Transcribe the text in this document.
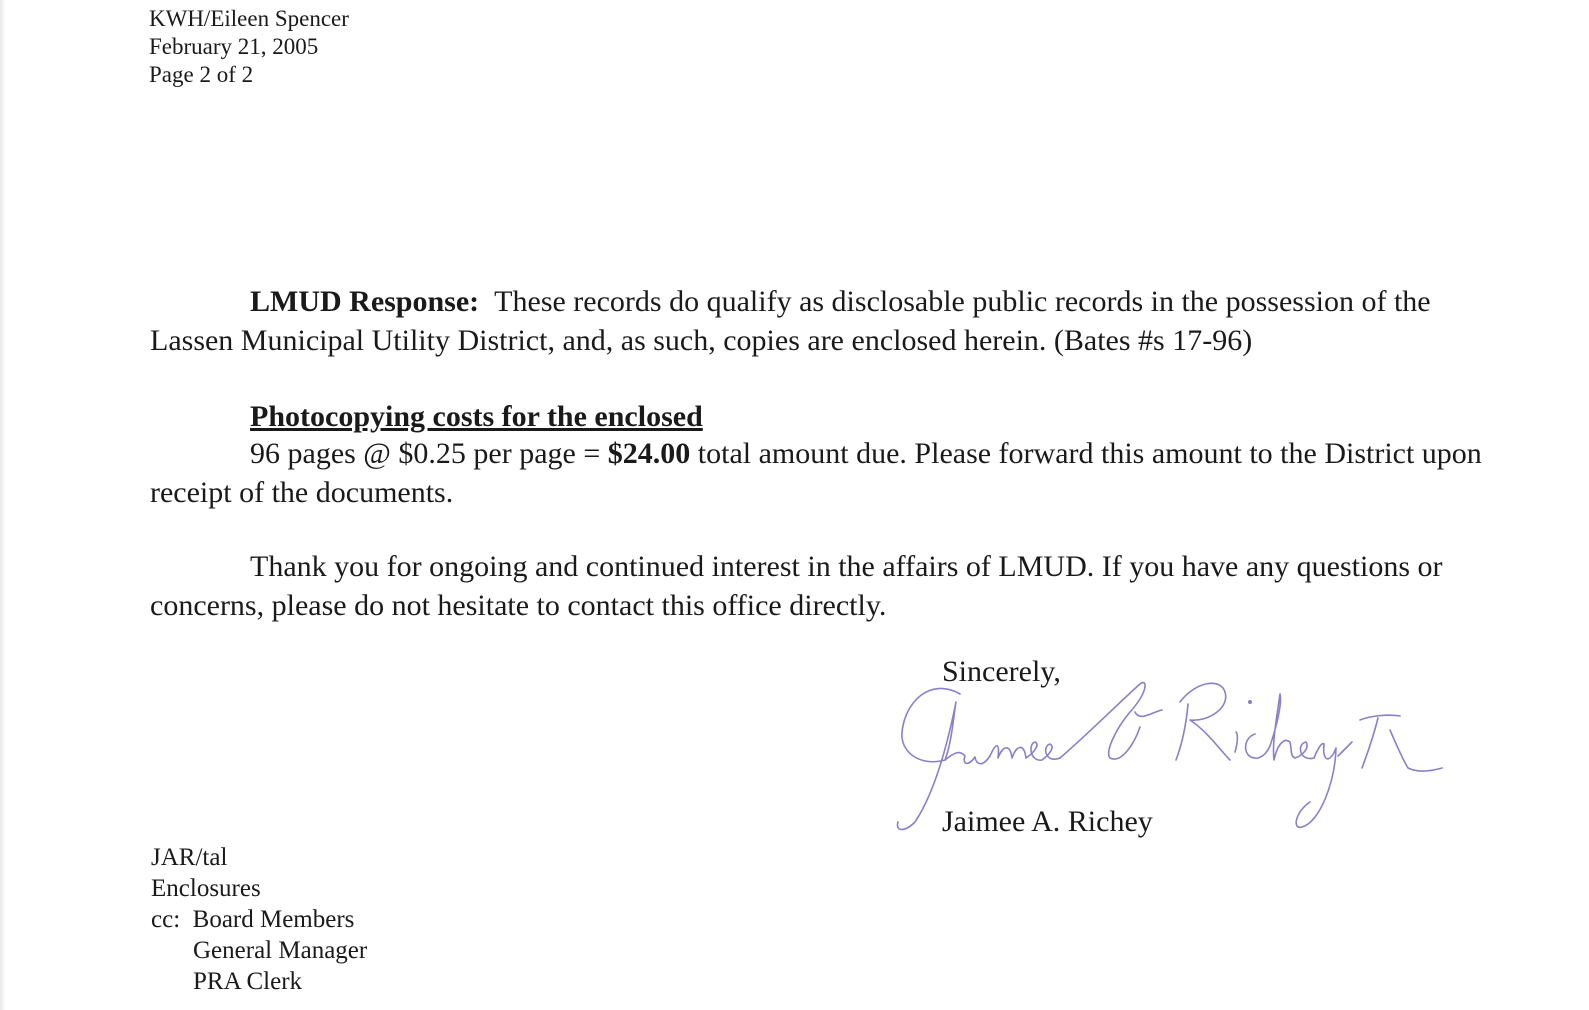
KWH/Eileen Spencer
February 21, 2005
Page 2 of 2
LMUD Response: These records do qualify as disclosable public records in the possession of the
Lassen Municipal Utility District, and, as such, copies are enclosed herein. (Bates #s 17-96)
Photocopying costs for the enclosed
96 pages @ $0.25 per page = $24.00 total amount due. Please forward this amount to the District upon
receipt of the documents.
Thank you for ongoing and continued interest in the affairs of LMUD. If you have any questions or
concerns, please do not hesitate to contact this office directly.
Sincerely,
Jaimee A. Richey
JAR/tal
Enclosures
cc: Board Members
General Manager
PRA Clerk
